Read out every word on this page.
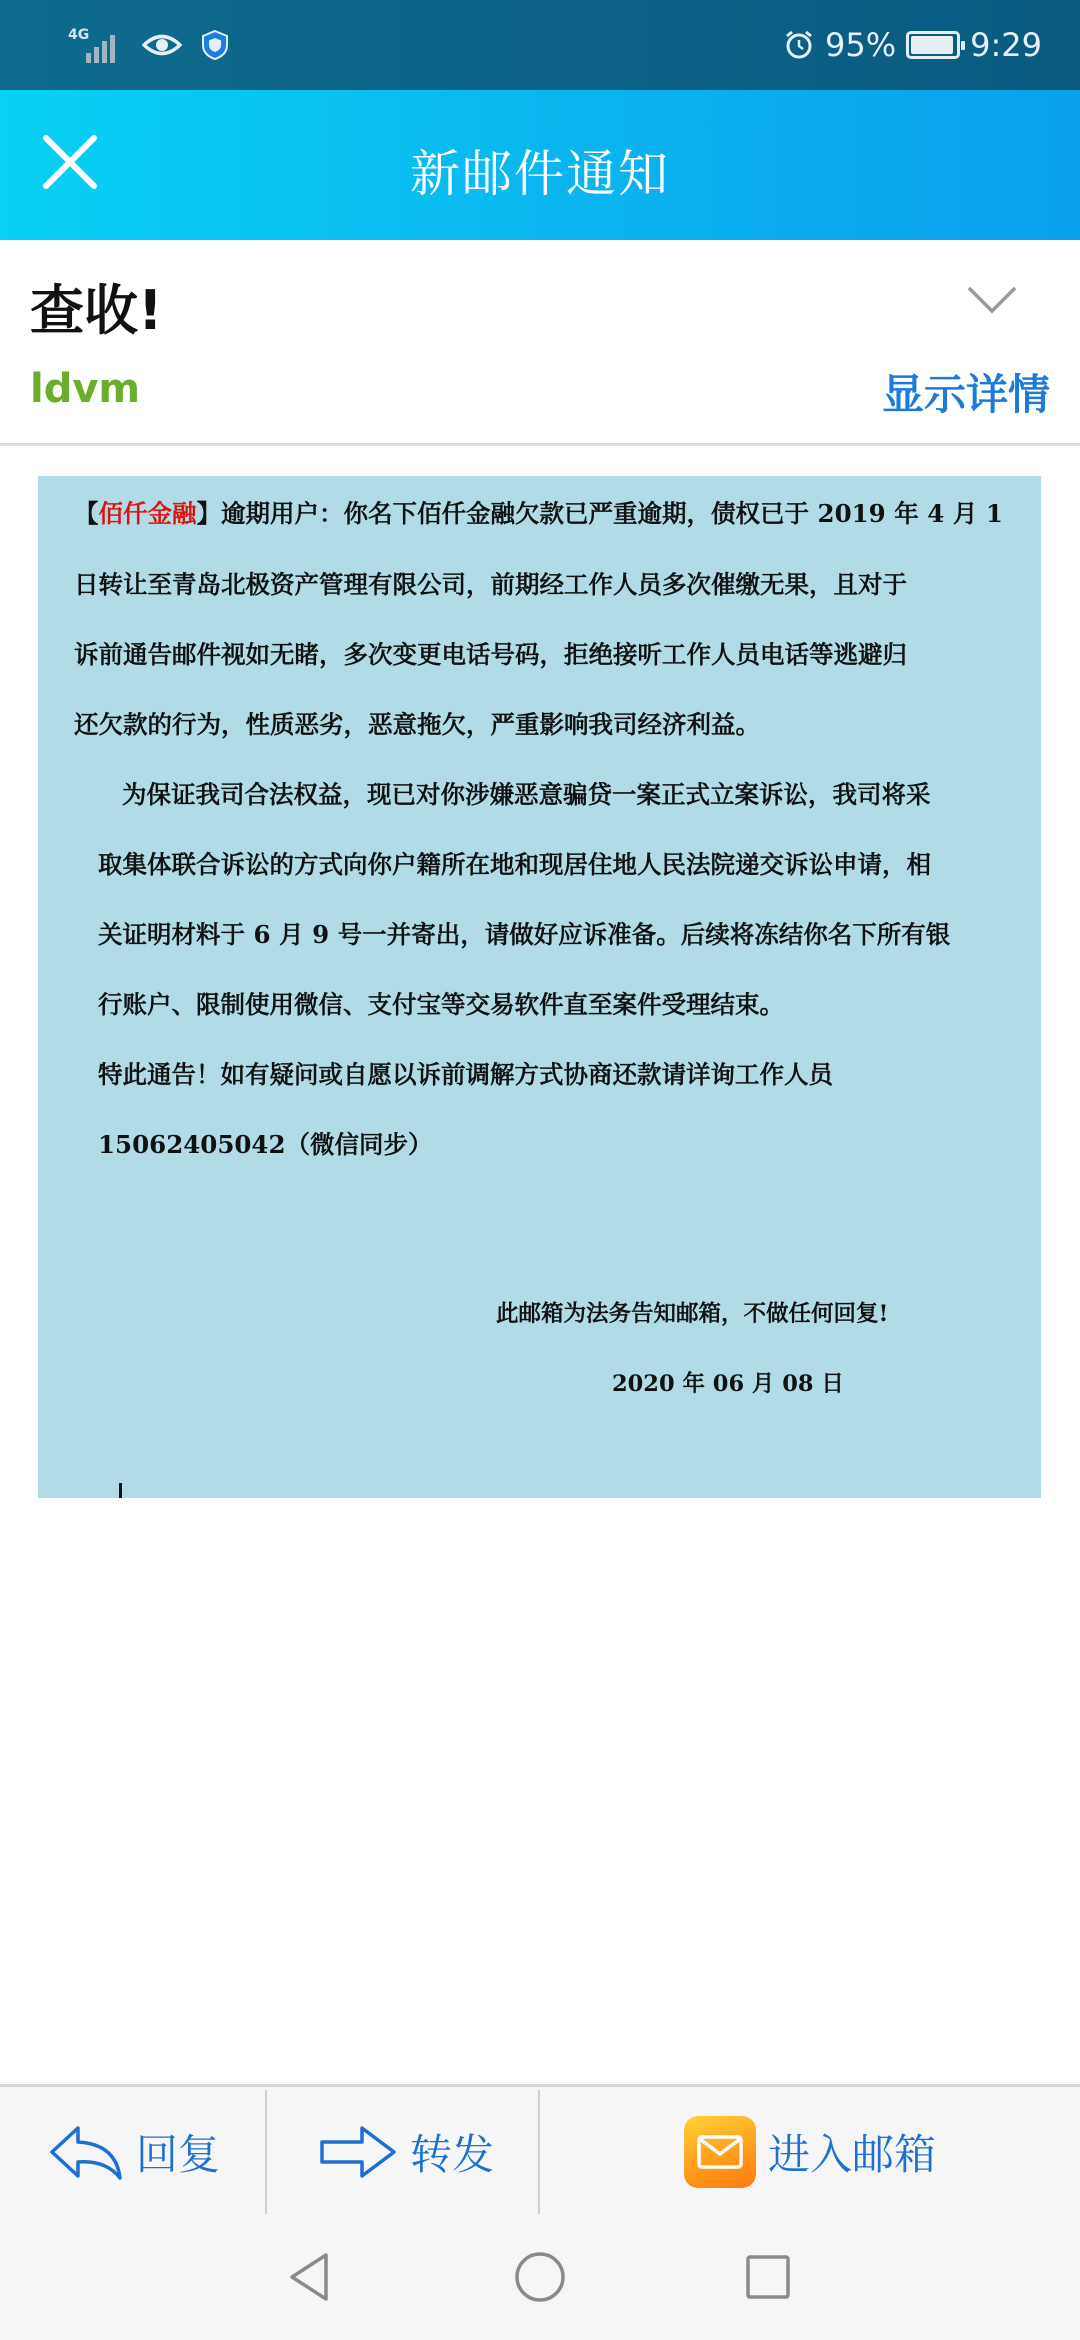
4G	95% 9:29
新邮件通知
查收!
ldvm	显示详情
【佰仟金融】逾期用户：你名下佰仟金融欠款已严重逾期，债权已于 2019 年 4 月 1
日转让至青岛北极资产管理有限公司，前期经工作人员多次催缴无果，且对于
诉前通告邮件视如无睹，多次变更电话号码，拒绝接听工作人员电话等逃避归
还欠款的行为，性质恶劣，恶意拖欠，严重影响我司经济利益。
为保证我司合法权益，现已对你涉嫌恶意骗贷一案正式立案诉讼，我司将采
取集体联合诉讼的方式向你户籍所在地和现居住地人民法院递交诉讼申请，相
关证明材料于 6 月 9 号一并寄出，请做好应诉准备。后续将冻结你名下所有银
行账户、限制使用微信、支付宝等交易软件直至案件受理结束。
特此通告！如有疑问或自愿以诉前调解方式协商还款请详询工作人员
15062405042（微信同步）
此邮箱为法务告知邮箱，不做任何回复!
2020 年 06 月 08 日
回复	转发	进入邮箱
